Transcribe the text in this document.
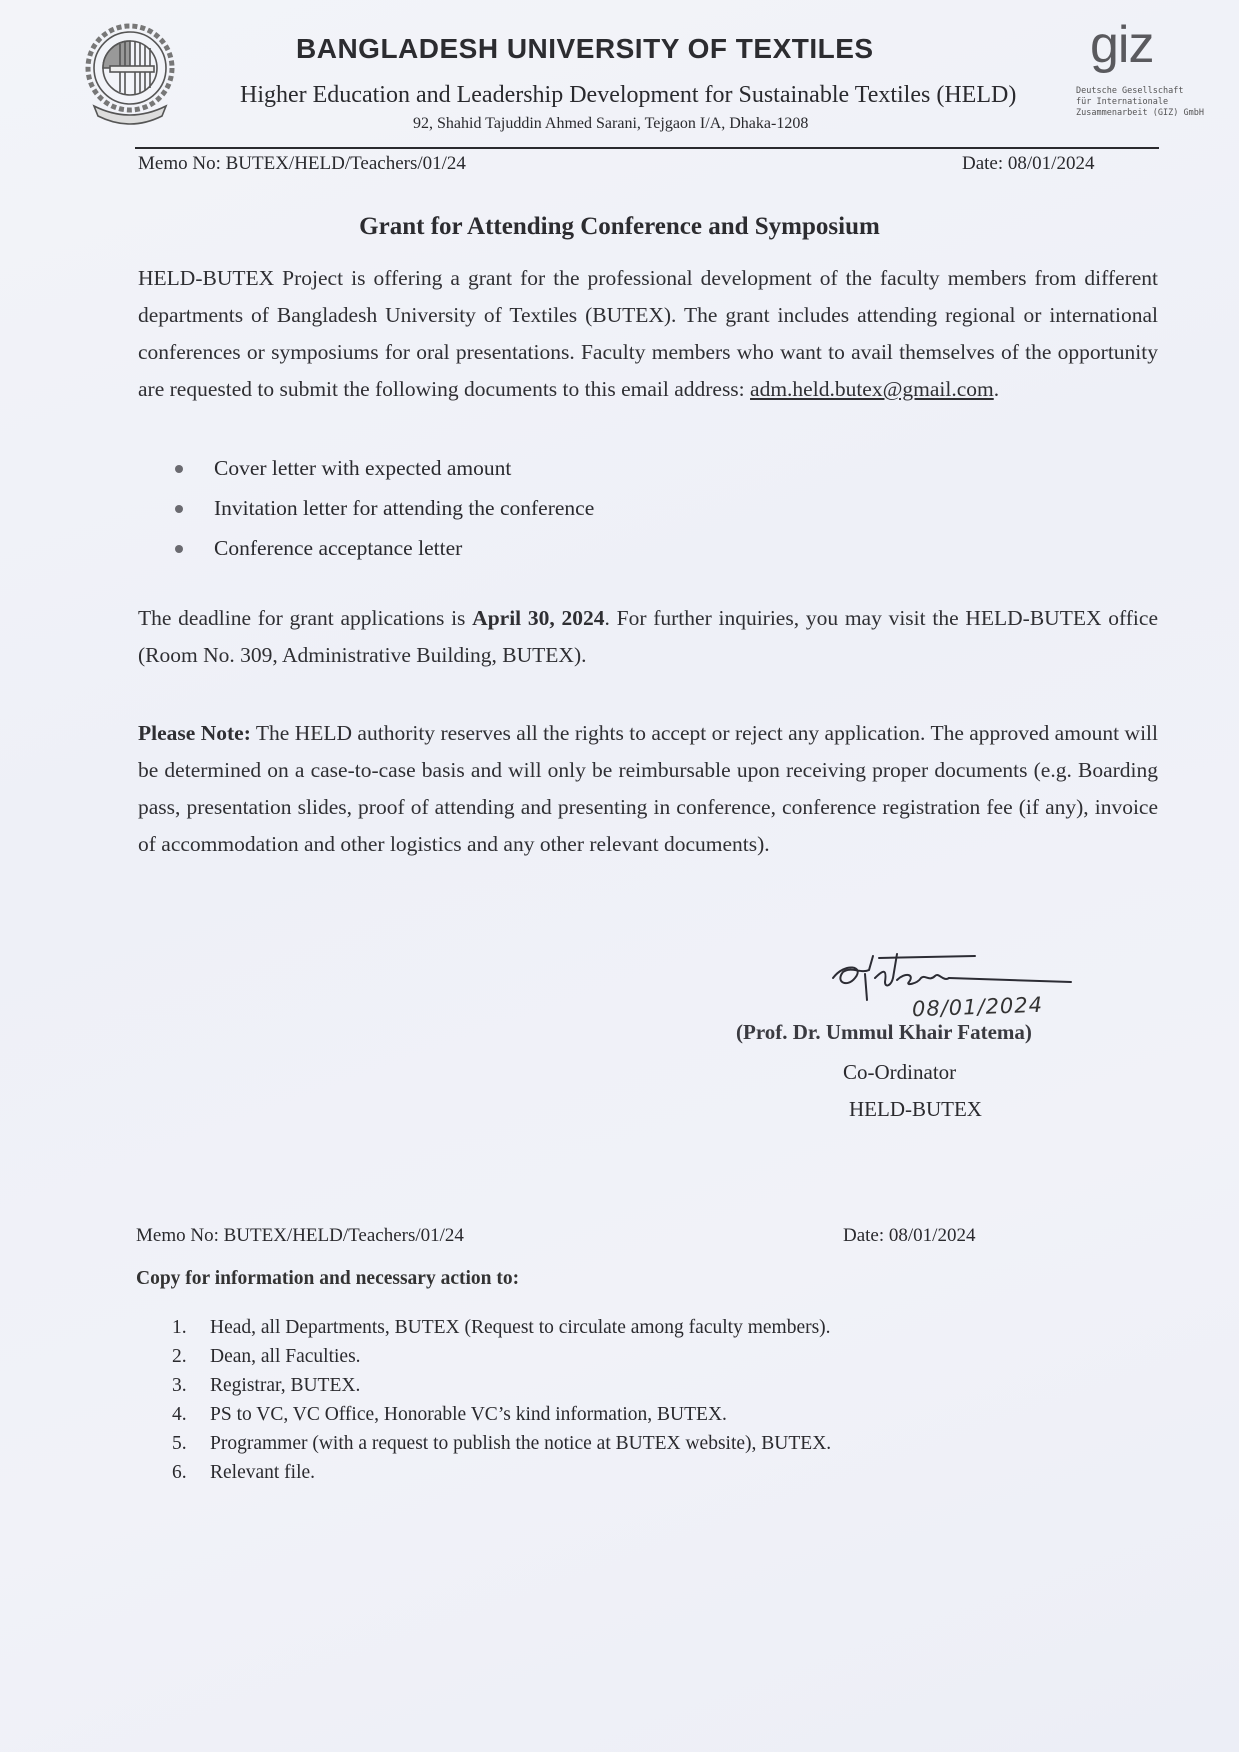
BANGLADESH UNIVERSITY OF TEXTILES
Higher Education and Leadership Development for Sustainable Textiles (HELD)
92, Shahid Tajuddin Ahmed Sarani, Tejgaon I/A, Dhaka-1208
giz
Deutsche Gesellschaft
für Internationale
Zusammenarbeit (GIZ) GmbH
Memo No: BUTEX/HELD/Teachers/01/24	Date: 08/01/2024
Grant for Attending Conference and Symposium
HELD-BUTEX Project is offering a grant for the professional development of the faculty members from different departments of Bangladesh University of Textiles (BUTEX). The grant includes attending regional or international conferences or symposiums for oral presentations. Faculty members who want to avail themselves of the opportunity are requested to submit the following documents to this email address: adm.held.butex@gmail.com.
Cover letter with expected amount
Invitation letter for attending the conference
Conference acceptance letter
The deadline for grant applications is April 30, 2024. For further inquiries, you may visit the HELD-BUTEX office (Room No. 309, Administrative Building, BUTEX).
Please Note: The HELD authority reserves all the rights to accept or reject any application. The approved amount will be determined on a case-to-case basis and will only be reimbursable upon receiving proper documents (e.g. Boarding pass, presentation slides, proof of attending and presenting in conference, conference registration fee (if any), invoice of accommodation and other logistics and any other relevant documents).
08/01/2024
(Prof. Dr. Ummul Khair Fatema)
Co-Ordinator
HELD-BUTEX
Memo No: BUTEX/HELD/Teachers/01/24	Date: 08/01/2024
Copy for information and necessary action to:
1. Head, all Departments, BUTEX (Request to circulate among faculty members).
2. Dean, all Faculties.
3. Registrar, BUTEX.
4. PS to VC, VC Office, Honorable VC’s kind information, BUTEX.
5. Programmer (with a request to publish the notice at BUTEX website), BUTEX.
6. Relevant file.
